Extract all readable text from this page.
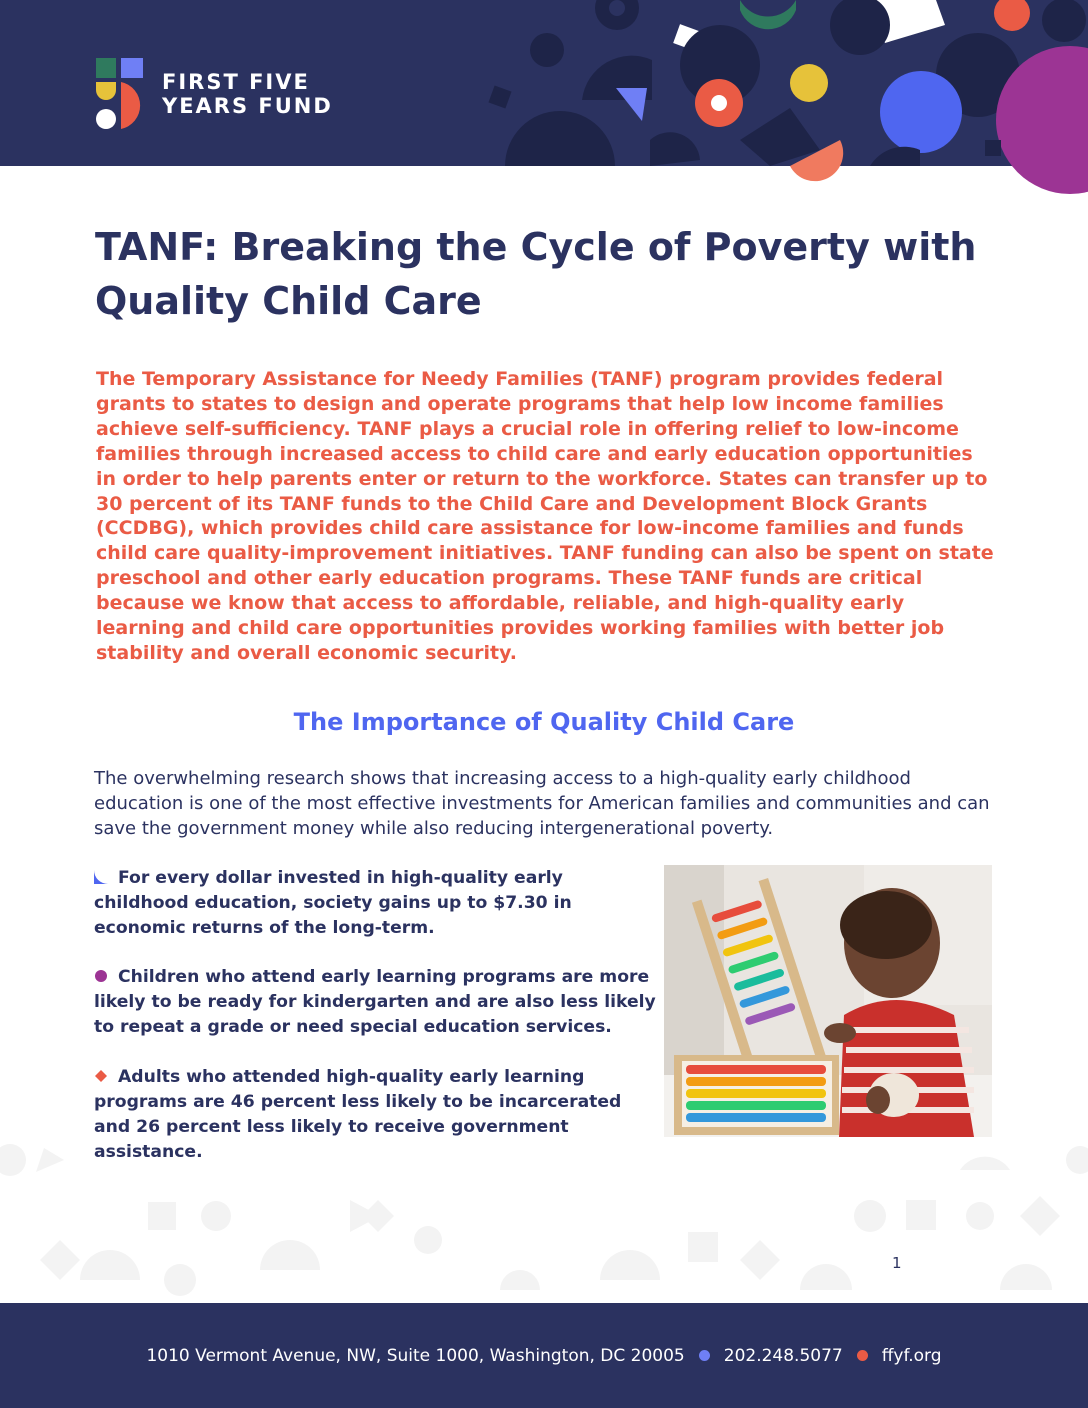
FIRST FIVE
YEARS FUND
TANF: Breaking the Cycle of Poverty with Quality Child Care

The Temporary Assistance for Needy Families (TANF) program provides federal grants to states to design and operate programs that help low income families achieve self-sufficiency. TANF plays a crucial role in offering relief to low-income families through increased access to child care and early education opportunities in order to help parents enter or return to the workforce. States can transfer up to 30 percent of its TANF funds to the Child Care and Development Block Grants (CCDBG), which provides child care assistance for low-income families and funds child care quality-improvement initiatives. TANF funding can also be spent on state preschool and other early education programs. These TANF funds are critical because we know that access to affordable, reliable, and high-quality early learning and child care opportunities provides working families with better job stability and overall economic security.

The Importance of Quality Child Care

The overwhelming research shows that increasing access to a high-quality early childhood education is one of the most effective investments for American families and communities and can save the government money while also reducing intergenerational poverty.

For every dollar invested in high-quality early childhood education, society gains up to $7.30 in economic returns of the long-term.

Children who attend early learning programs are more likely to be ready for kindergarten and are also less likely to repeat a grade or need special education services.

Adults who attended high-quality early learning programs are 46 percent less likely to be incarcerated and 26 percent less likely to receive government assistance.

1
1010 Vermont Avenue, NW, Suite 1000, Washington, DC 20005 202.248.5077 ffyf.org
